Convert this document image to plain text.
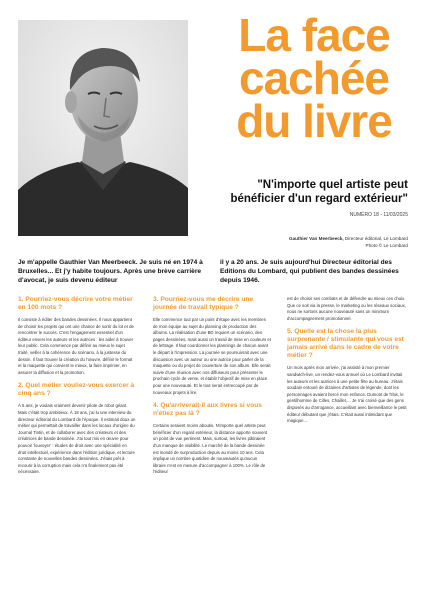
La face
cachée
du livre
"N'importe quel artiste peut bénéficier d'un regard extérieur"
NUMÉRO 18 - 11/03/2025
Gauthier Van Meerbeeck, Directeur éditorial, Le Lombard
Photo © Le Lombard
Je m'appelle Gauthier Van Meerbeeck. Je suis né en 1974 à Bruxelles... Et j'y habite toujours. Après une brève carrière d'avocat, je suis devenu éditeur
il y a 20 ans. Je suis aujourd'hui Directeur éditorial des Editions du Lombard, qui publient des bandes dessinées depuis 1946.
1. Pourriez-vous décrire votre métier en 100 mots ?
Il consiste à éditer des bandes dessinées. Il nous appartient de choisir les projets qui ont une chance de sortir du lot et de rencontrer le succès. C'est l'engagement essentiel d'un éditeur envers les auteurs et les autrices : les aider à trouver leur public. Cela commence par définir au mieux le sujet traité, veiller à la cohérence du scénario, à la justesse du dessin. Il faut trouver la création du l'œuvre, définir le format et la maquette qui convient le mieux, la faire imprimer, en assurer la diffusion et la promotion.
2. Quel métier vouliez-vous exercer à cinq ans ?
À 5 ans, je voulais vraiment devenir pilote de robot géant. Mais c'était trop ambitieux. À 18 ans, j'ai lu une interview du directeur éditorial du Lombard de l'époque. Il estimait doux un métier qui permettait de travailler dans les locaux d'origine du Journal Tintin, et de collaborer avec des créateurs et des créatrices de bande dessinée. J'ai tout mis en œuvre pour pouvoir 'louvoyer' : études de droit avec une spécialité en droit intellectuel, expérience dans l'édition juridique, et lecture constante de nouvelles bandes dessinées. J'étais prêt à recourir à la corruption mais cela n'a finalement pas été nécessaire.
3. Pourriez-vous me décrire une journée de travail typique ?
Elle commence tout par un point d'étape avec les membres de mon équipe au sujet du planning de production des albums. La réalisation d'une BD requiert un scénario, des pages dessinées, mais aussi un travail de mise en couleurs et de lettrage. Il faut coordonner les plannings de chacun avant le départ à l'impression. La journée se poursuivrait avec une discussion avec un auteur ou une autrice pour parler de la maquette ou du projet de couverture de son album. Elle serait suivie d'une réunion avec nos diffuseurs pour présenter le prochain cycle de vente, et établir l'objectif de mise en place pour une nouveauté. Et le tout serait entrecoupé par de nouveaux projets à lire.
4. Qu'arriverait-il aux livres si vous n'étiez pas là ?
Certains seraient moins aboutis. N'importe quel artiste peut bénéficier d'un regard extérieur, la distance apporte souvent un point de vue pertinent. Mais, surtout, les livres pâtiraient d'un manque de visibilité. Le marché de la bande dessinée est inondé de surproduction depuis au moins 10 ans. Cela implique un nombre quotidien de nouveautés qu'aucun libraire n'est en mesure d'accompagner à 100%. Le rôle de l'éditeur
est de choisir ses combats et de défendre au mieux ces choix. Que ce soit via la presse, le marketing ou les réseaux sociaux, nous ne sortons aucune nouveauté sans un minimum d'accompagnement promotionnel.
5. Quelle est la chose la plus surprenante / stimulante qui vous est jamais arrivé dans le cadre de votre métier ?
Un mois après mon arrivée, j'ai assisté à mon premier sandwich-live, un rendez-vous annuel où Le Lombard invitait les auteurs et les autrices à une petite fête au bureau. J'étais soudain entouré de dizaines d'artistes de légende, dont les personnages avaient bercé mon enfance. Dumont de l'Ibis, le gentilhomme de Cilles, Chaillet,... Je n'ai croisé que des gens disposés au d'arrogance, accueillant avec bienveillance le petit éditeur débutant que j'étais. C'était aussi intimidant que magique...
